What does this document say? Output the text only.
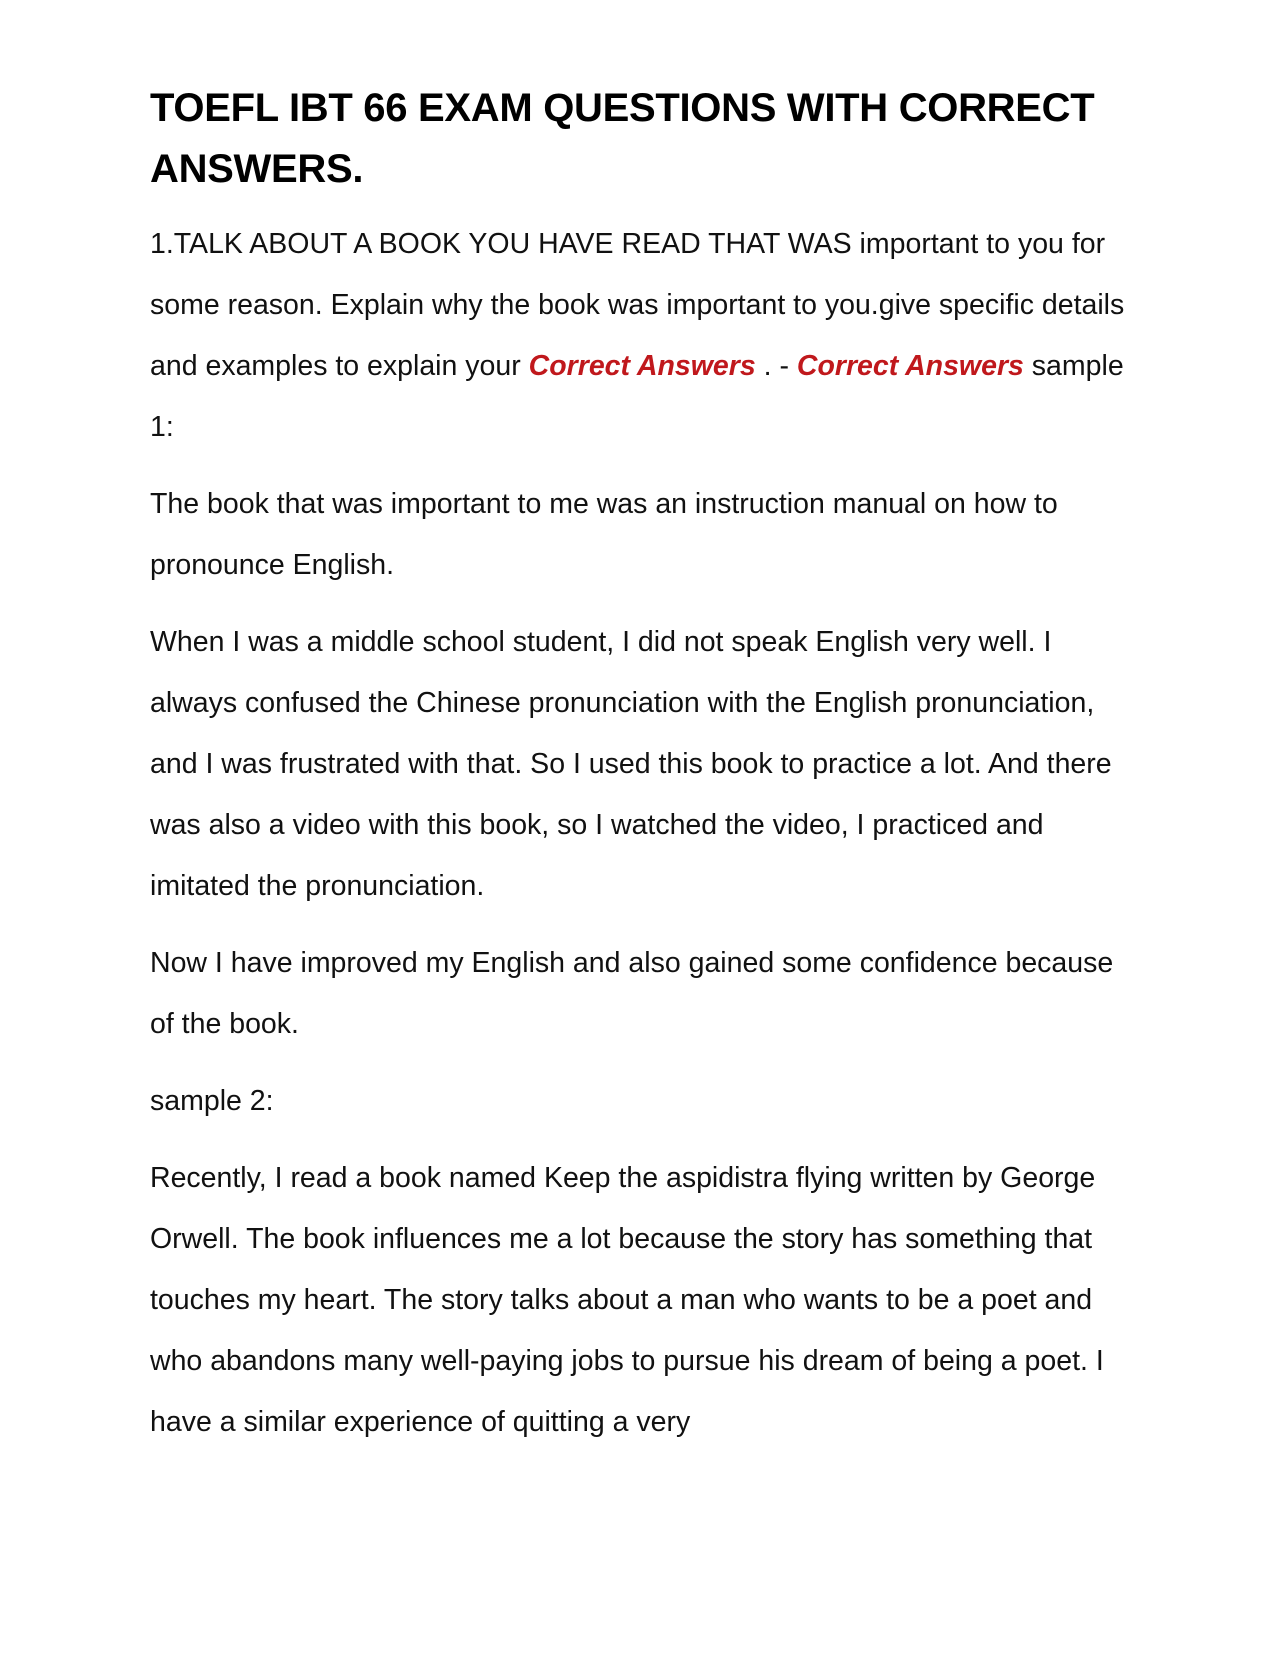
TOEFL IBT 66 EXAM QUESTIONS WITH CORRECT ANSWERS.

1.TALK ABOUT A BOOK YOU HAVE READ THAT WAS important to you for some reason. Explain why the book was important to you.give specific details and examples to explain your Correct Answers . - Correct Answers sample 1:

The book that was important to me was an instruction manual on how to pronounce English.

When I was a middle school student, I did not speak English very well. I always confused the Chinese pronunciation with the English pronunciation, and I was frustrated with that. So I used this book to practice a lot. And there was also a video with this book, so I watched the video, I practiced and imitated the pronunciation.

Now I have improved my English and also gained some confidence because of the book.

sample 2:

Recently, I read a book named Keep the aspidistra flying written by George Orwell. The book influences me a lot because the story has something that touches my heart. The story talks about a man who wants to be a poet and who abandons many well-paying jobs to pursue his dream of being a poet. I have a similar experience of quitting a very
